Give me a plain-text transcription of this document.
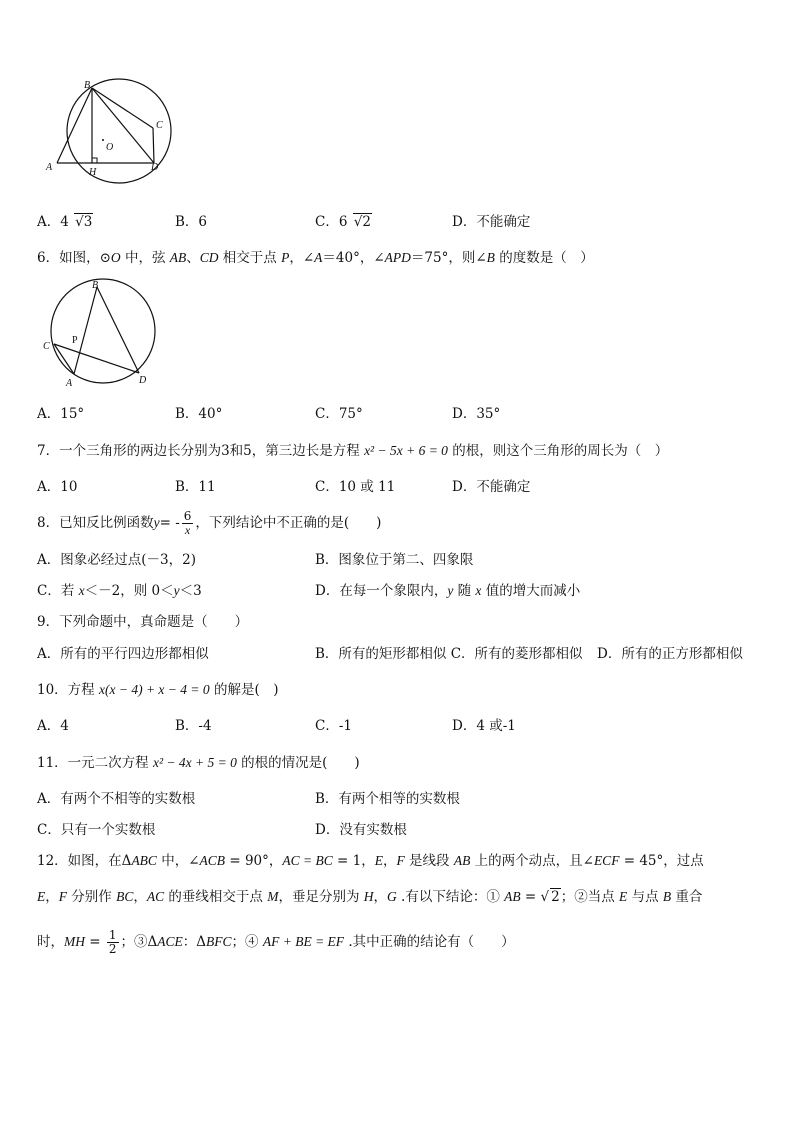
B
C
O
A	H	D
A．4 √3	B．6	C．6 √2	D．不能确定
6．如图，⊙O 中，弦 AB、CD 相交于点 P，∠A＝40°，∠APD＝75°，则∠B 的度数是（　）
B
C
P
A	D
A．15°	B．40°	C．75°	D．35°
7．一个三角形的两边长分别为3和5，第三边长是方程 x² − 5x + 6 = 0 的根，则这个三角形的周长为（　）
A．10	B．11	C．10 或 11	D．不能确定
8．已知反比例函数$y= - \frac{6}{x}$ ，下列结论中不正确的是(　　)
A．图象必经过点(－3，2)	B．图象位于第二、四象限
C．若 x＜－2，则 0＜y＜3	D．在每一个象限内，y 随 x 值的增大而减小
9．下列命题中，真命题是（　　）
A．所有的平行四边形都相似	B．所有的矩形都相似 C．所有的菱形都相似 D．所有的正方形都相似
10．方程 x(x − 4) + x − 4 = 0 的解是(　)
A．4	B．-4	C．-1	D．4 或-1
11．一元二次方程 x² − 4x + 5 = 0 的根的情况是(　　)
A．有两个不相等的实数根	B．有两个相等的实数根
C．只有一个实数根	D．没有实数根
12．如图，在ΔABC 中，∠ACB = 90°，AC = BC = 1，E，F 是线段 AB 上的两个动点，且∠ECF = 45°，过点
E，F 分别作 BC，AC 的垂线相交于点 M，垂足分别为 H，G .有以下结论：① AB = √ 2；②当点 E 与点 B 重合
时，MH = $\frac{1}{2}$ ；③ΔACE：ΔBFC；④ AF + BE = EF .其中正确的结论有（　　）
